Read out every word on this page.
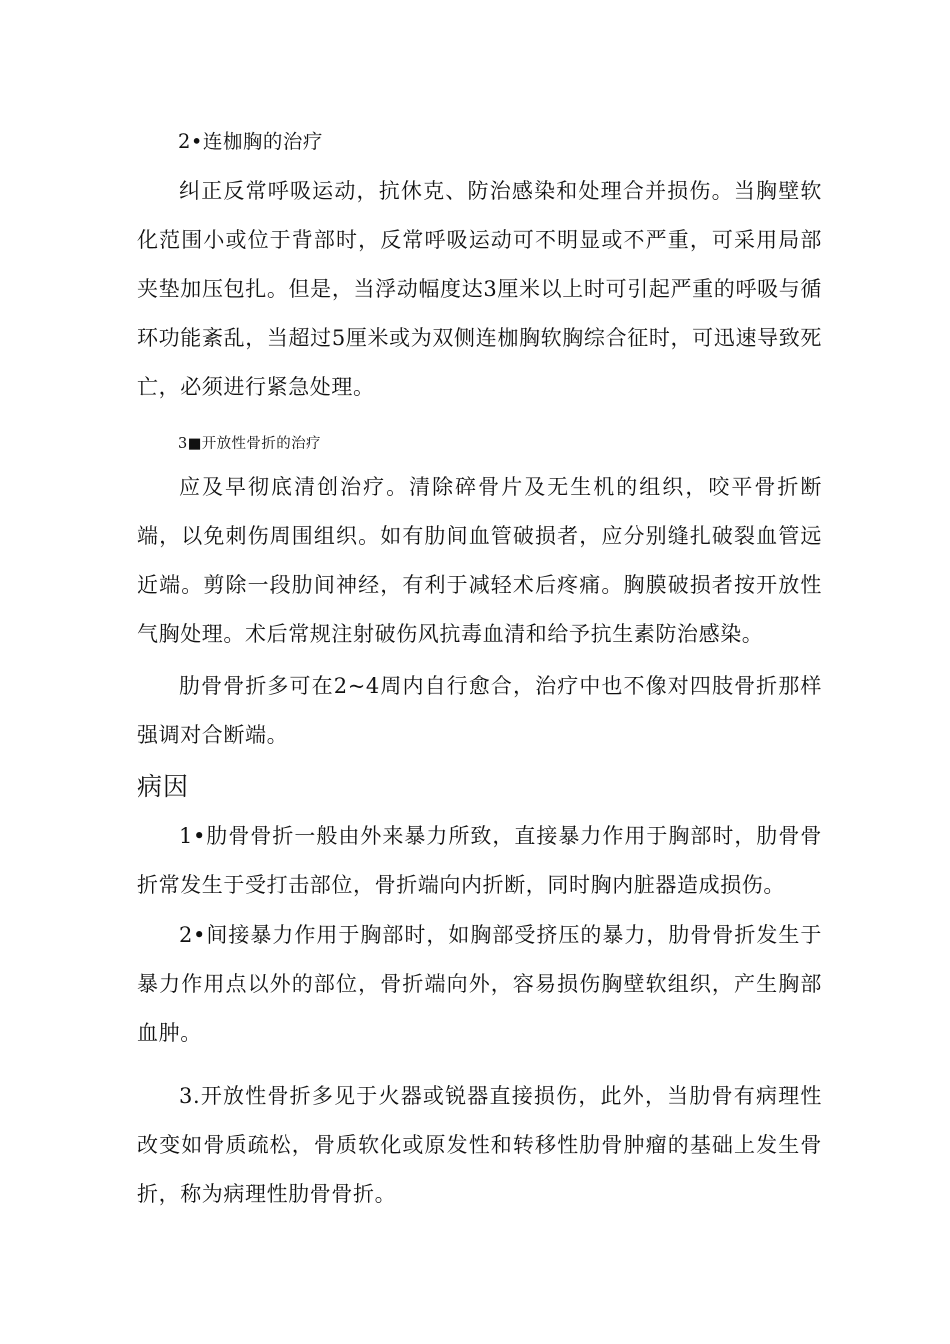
2•连枷胸的治疗

纠正反常呼吸运动，抗休克、防治感染和处理合并损伤。当胸壁软化范围小或位于背部时，反常呼吸运动可不明显或不严重，可采用局部夹垫加压包扎。但是，当浮动幅度达3厘米以上时可引起严重的呼吸与循环功能紊乱，当超过5厘米或为双侧连枷胸软胸综合征时，可迅速导致死亡，必须进行紧急处理。

3■开放性骨折的治疗

应及早彻底清创治疗。清除碎骨片及无生机的组织，咬平骨折断端，以免刺伤周围组织。如有肋间血管破损者，应分别缝扎破裂血管远近端。剪除一段肋间神经，有利于减轻术后疼痛。胸膜破损者按开放性气胸处理。术后常规注射破伤风抗毒血清和给予抗生素防治感染。

肋骨骨折多可在2~4周内自行愈合，治疗中也不像对四肢骨折那样强调对合断端。

病因

1•肋骨骨折一般由外来暴力所致，直接暴力作用于胸部时，肋骨骨折常发生于受打击部位，骨折端向内折断，同时胸内脏器造成损伤。

2•间接暴力作用于胸部时，如胸部受挤压的暴力，肋骨骨折发生于暴力作用点以外的部位，骨折端向外，容易损伤胸壁软组织，产生胸部血肿。

3.开放性骨折多见于火器或锐器直接损伤，此外，当肋骨有病理性改变如骨质疏松，骨质软化或原发性和转移性肋骨肿瘤的基础上发生骨折，称为病理性肋骨骨折。
